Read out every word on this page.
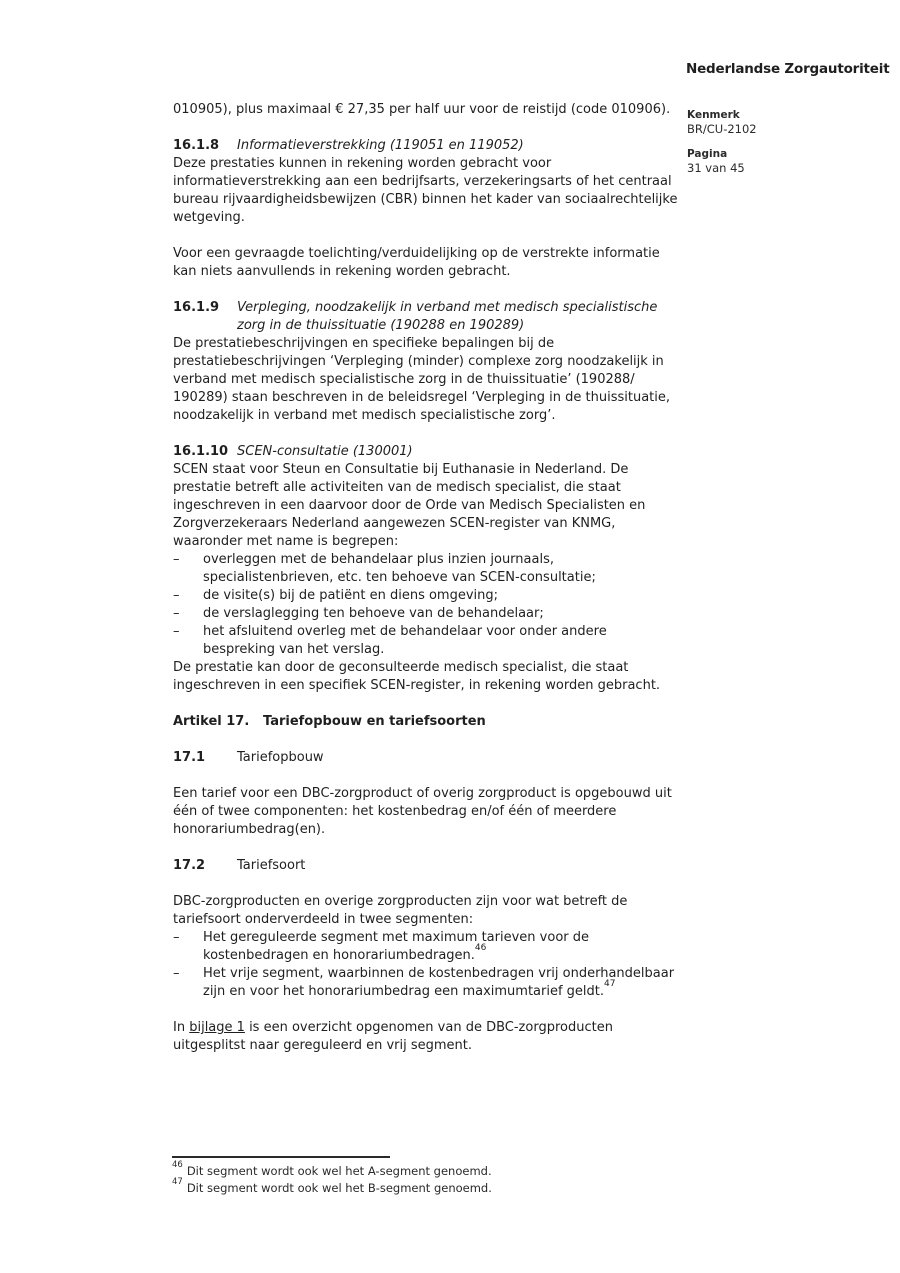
Nederlandse Zorgautoriteit
Kenmerk
BR/CU-2102
Pagina
31 van 45

010905), plus maximaal € 27,35 per half uur voor de reistijd (code 010906).

16.1.8	Informatieverstrekking (119051 en 119052)

Deze prestaties kunnen in rekening worden gebracht voor informatieverstrekking aan een bedrijfsarts, verzekeringsarts of het centraal bureau rijvaardigheidsbewijzen (CBR) binnen het kader van sociaalrechtelijke wetgeving.

Voor een gevraagde toelichting/verduidelijking op de verstrekte informatie kan niets aanvullends in rekening worden gebracht.

16.1.9	Verpleging, noodzakelijk in verband met medisch specialistische zorg in de thuissituatie (190288 en 190289)

De prestatiebeschrijvingen en specifieke bepalingen bij de prestatiebeschrijvingen ‘Verpleging (minder) complexe zorg noodzakelijk in verband met medisch specialistische zorg in de thuissituatie’ (190288/ 190289) staan beschreven in de beleidsregel ‘Verpleging in de thuissituatie, noodzakelijk in verband met medisch specialistische zorg’.

16.1.10 SCEN-consultatie (130001)

SCEN staat voor Steun en Consultatie bij Euthanasie in Nederland. De prestatie betreft alle activiteiten van de medisch specialist, die staat ingeschreven in een daarvoor door de Orde van Medisch Specialisten en Zorgverzekeraars Nederland aangewezen SCEN-register van KNMG, waaronder met name is begrepen:

–	overleggen met de behandelaar plus inzien journaals, specialistenbrieven, etc. ten behoeve van SCEN-consultatie;
–	de visite(s) bij de patiënt en diens omgeving;
–	de verslaglegging ten behoeve van de behandelaar;
–	het afsluitend overleg met de behandelaar voor onder andere bespreking van het verslag.

De prestatie kan door de geconsulteerde medisch specialist, die staat ingeschreven in een specifiek SCEN-register, in rekening worden gebracht.

Artikel 17.	Tariefopbouw en tariefsoorten
17.1	Tariefopbouw

Een tarief voor een DBC-zorgproduct of overig zorgproduct is opgebouwd uit één of twee componenten: het kostenbedrag en/of één of meerdere honorariumbedrag(en).

17.2	Tariefsoort

DBC-zorgproducten en overige zorgproducten zijn voor wat betreft de tariefsoort onderverdeeld in twee segmenten:

–	Het gereguleerde segment met maximum tarieven voor de kostenbedragen en honorariumbedragen.$^{46}$
–	Het vrije segment, waarbinnen de kostenbedragen vrij onderhandelbaar zijn en voor het honorariumbedrag een maximumtarief geldt.$^{47}$

In bijlage 1 is een overzicht opgenomen van de DBC-zorgproducten uitgesplitst naar gereguleerd en vrij segment.

$^{46}$ Dit segment wordt ook wel het A-segment genoemd.
$^{47}$ Dit segment wordt ook wel het B-segment genoemd.
